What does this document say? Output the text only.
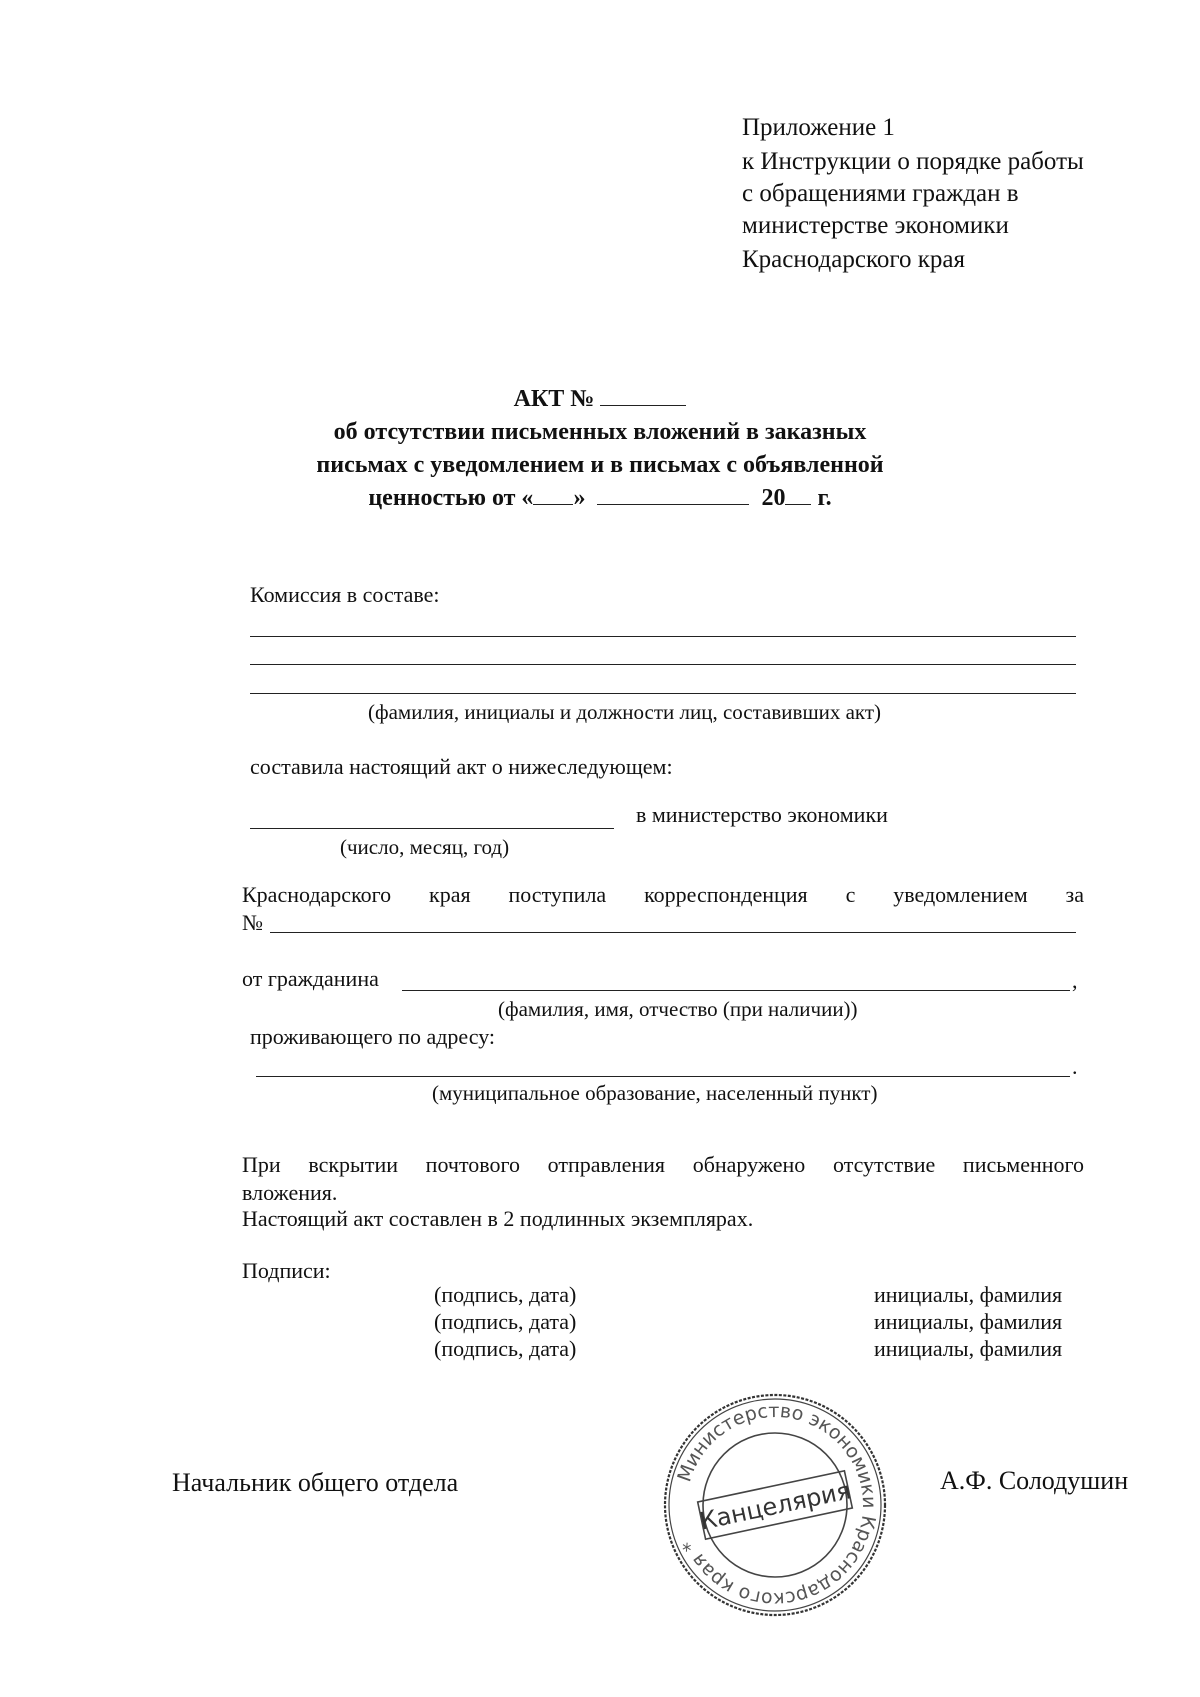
Приложение 1
к Инструкции о порядке работы
с обращениями граждан в
министерстве экономики
Краснодарского края
АКТ №
об отсутствии письменных вложений в заказных
письмах с уведомлением и в письмах с объявленной
ценностью от « »	20 г.
Комиссия в составе:
(фамилия, инициалы и должности лиц, составивших акт)
составила настоящий акт о нижеследующем:
в министерство экономики
(число, месяц, год)
Краснодарского края поступила корреспонденция с уведомлением за
№
от гражданина	,
(фамилия, имя, отчество (при наличии))
проживающего по адресу:
.
(муниципальное образование, населенный пункт)
При вскрытии почтового отправления обнаружено отсутствие письменного
вложения.
Настоящий акт составлен в 2 подлинных экземплярах.
Подписи:
(подпись, дата)	инициалы, фамилия
(подпись, дата)	инициалы, фамилия
(подпись, дата)	инициалы, фамилия
Начальник общего отдела	А.Ф. Солодушин
Министерство экономики Краснодарского края *
Канцелярия
